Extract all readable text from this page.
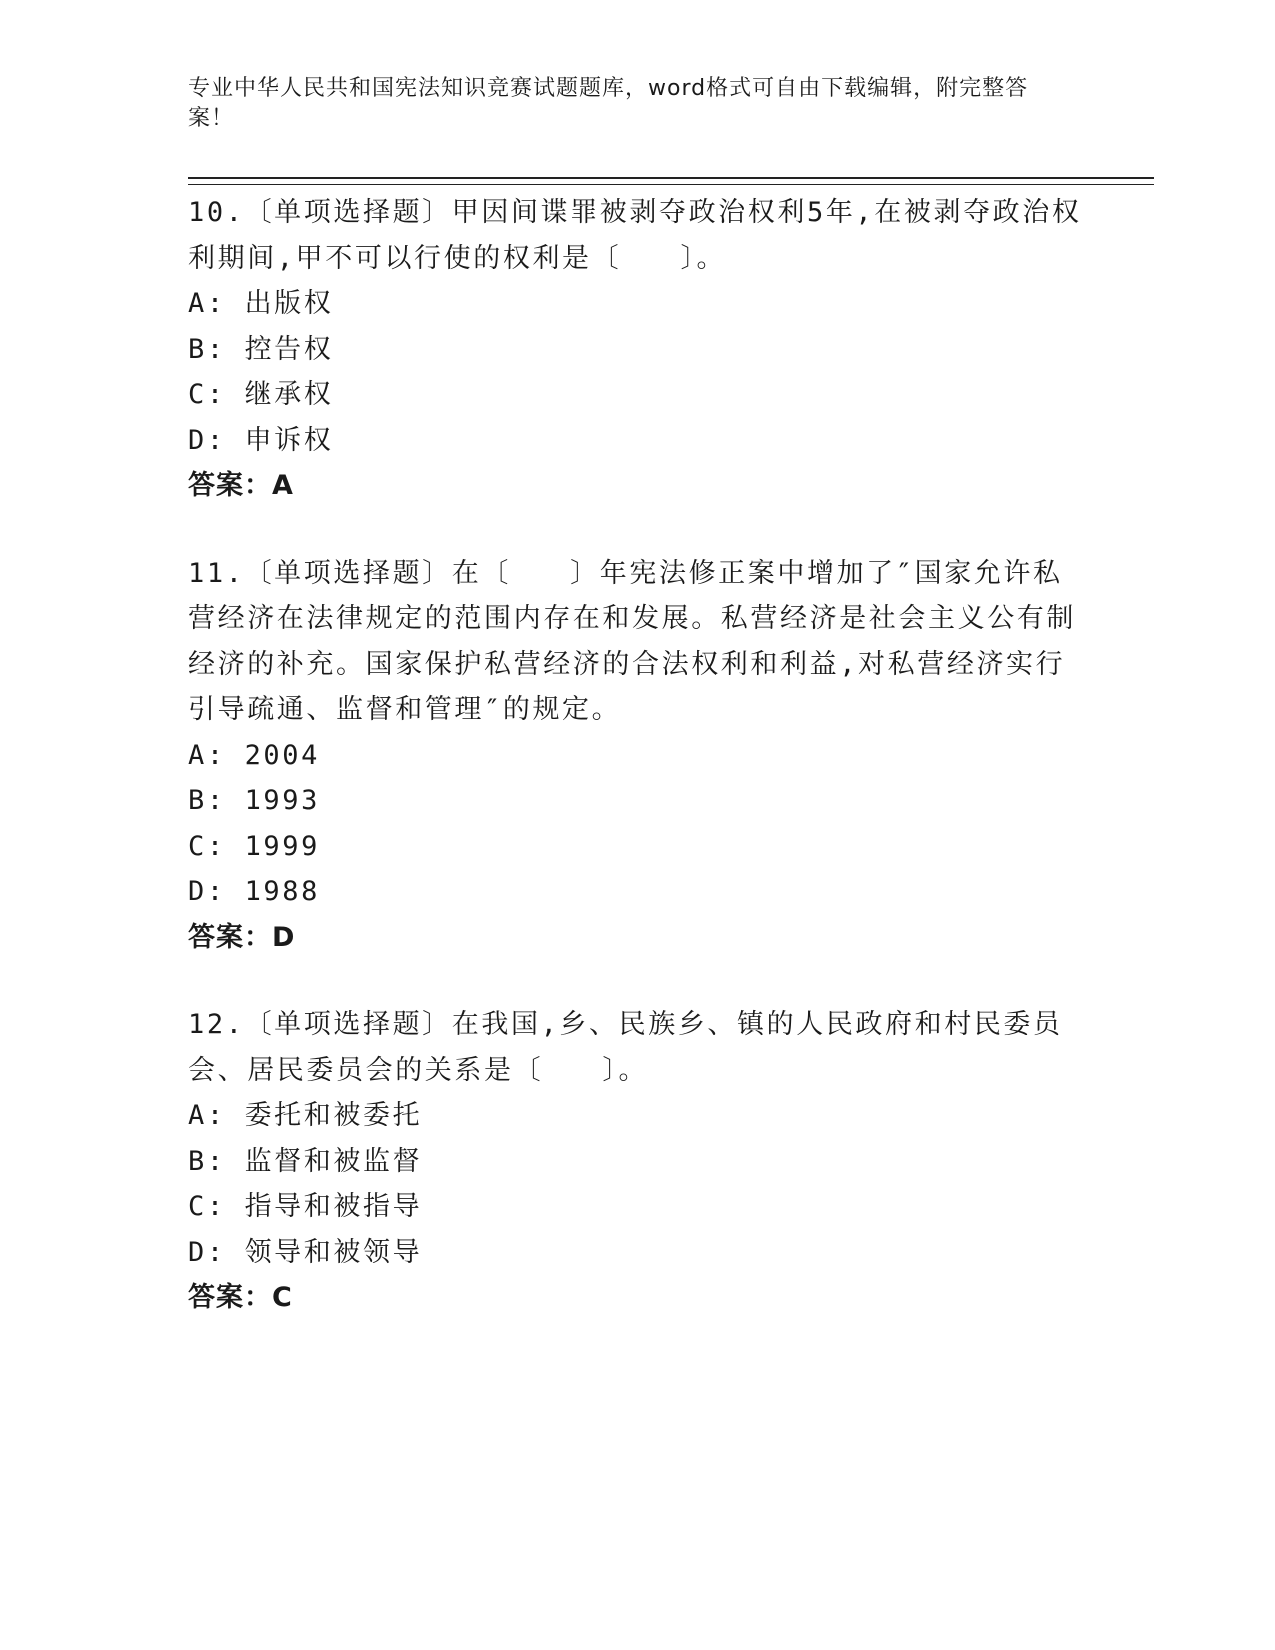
专业中华人民共和国宪法知识竞赛试题题库，word格式可自由下载编辑，附完整答案！
10.〔单项选择题〕甲因间谍罪被剥夺政治权利5年,在被剥夺政治权利期间,甲不可以行使的权利是〔　　〕。
A: 出版权
B: 控告权
C: 继承权
D: 申诉权
答案：A
11.〔单项选择题〕在〔　　〕年宪法修正案中增加了″国家允许私营经济在法律规定的范围内存在和发展。私营经济是社会主义公有制经济的补充。国家保护私营经济的合法权利和利益,对私营经济实行引导疏通、监督和管理″的规定。
A: 2004
B: 1993
C: 1999
D: 1988
答案：D
12.〔单项选择题〕在我国,乡、民族乡、镇的人民政府和村民委员会、居民委员会的关系是〔　　〕。
A: 委托和被委托
B: 监督和被监督
C: 指导和被指导
D: 领导和被领导
答案：C
